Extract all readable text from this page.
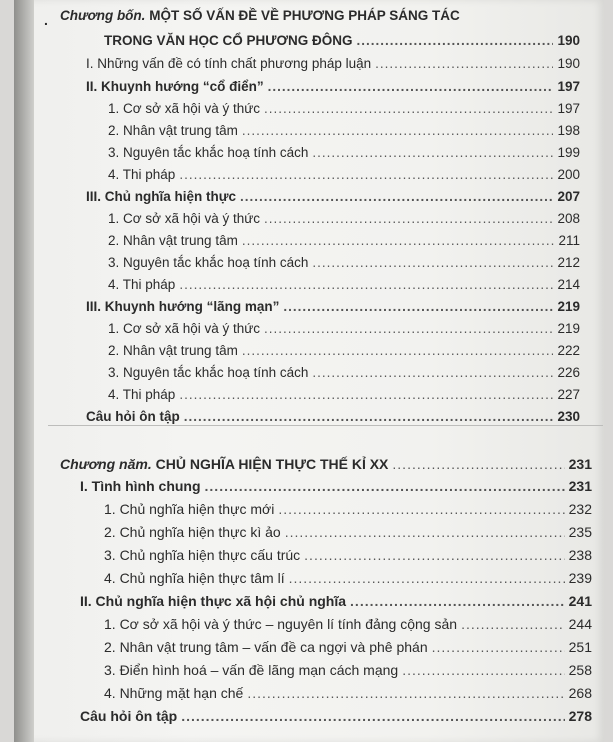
. Chương bốn. MỘT SỐ VẤN ĐỀ VỀ PHƯƠNG PHÁP SÁNG TÁC
TRONG VĂN HỌC CỔ PHƯƠNG ĐÔNG .....	190
I. Những vấn đề có tính chất phương pháp luận .....	190
II. Khuynh hướng “cổ điển” .....	197
1. Cơ sở xã hội và ý thức .....	197
2. Nhân vật trung tâm .....	198
3. Nguyên tắc khắc hoạ tính cách .....	199
4. Thi pháp .....	200
III. Chủ nghĩa hiện thực .....	207
1. Cơ sở xã hội và ý thức .....	208
2. Nhân vật trung tâm .....	211
3. Nguyên tắc khắc hoạ tính cách .....	212
4. Thi pháp .....	214
III. Khuynh hướng “lãng mạn” .....	219
1. Cơ sở xã hội và ý thức .....	219
2. Nhân vật trung tâm .....	222
3. Nguyên tắc khắc hoạ tính cách .....	226
4. Thi pháp .....	227
Câu hỏi ôn tập .....	230
Chương năm. CHỦ NGHĨA HIỆN THỰC THẾ KỈ XX .....	231
I. Tình hình chung .....	231
1. Chủ nghĩa hiện thực mới .....	232
2. Chủ nghĩa hiện thực kì ảo .....	235
3. Chủ nghĩa hiện thực cấu trúc .....	238
4. Chủ nghĩa hiện thực tâm lí .....	239
II. Chủ nghĩa hiện thực xã hội chủ nghĩa .....	241
1. Cơ sở xã hội và ý thức – nguyên lí tính đảng cộng sản .....	244
2. Nhân vật trung tâm – vấn đề ca ngợi và phê phán .....	251
3. Điển hình hoá – vấn đề lãng mạn cách mạng .....	258
4. Những mặt hạn chế .....	268
Câu hỏi ôn tập .....	278
